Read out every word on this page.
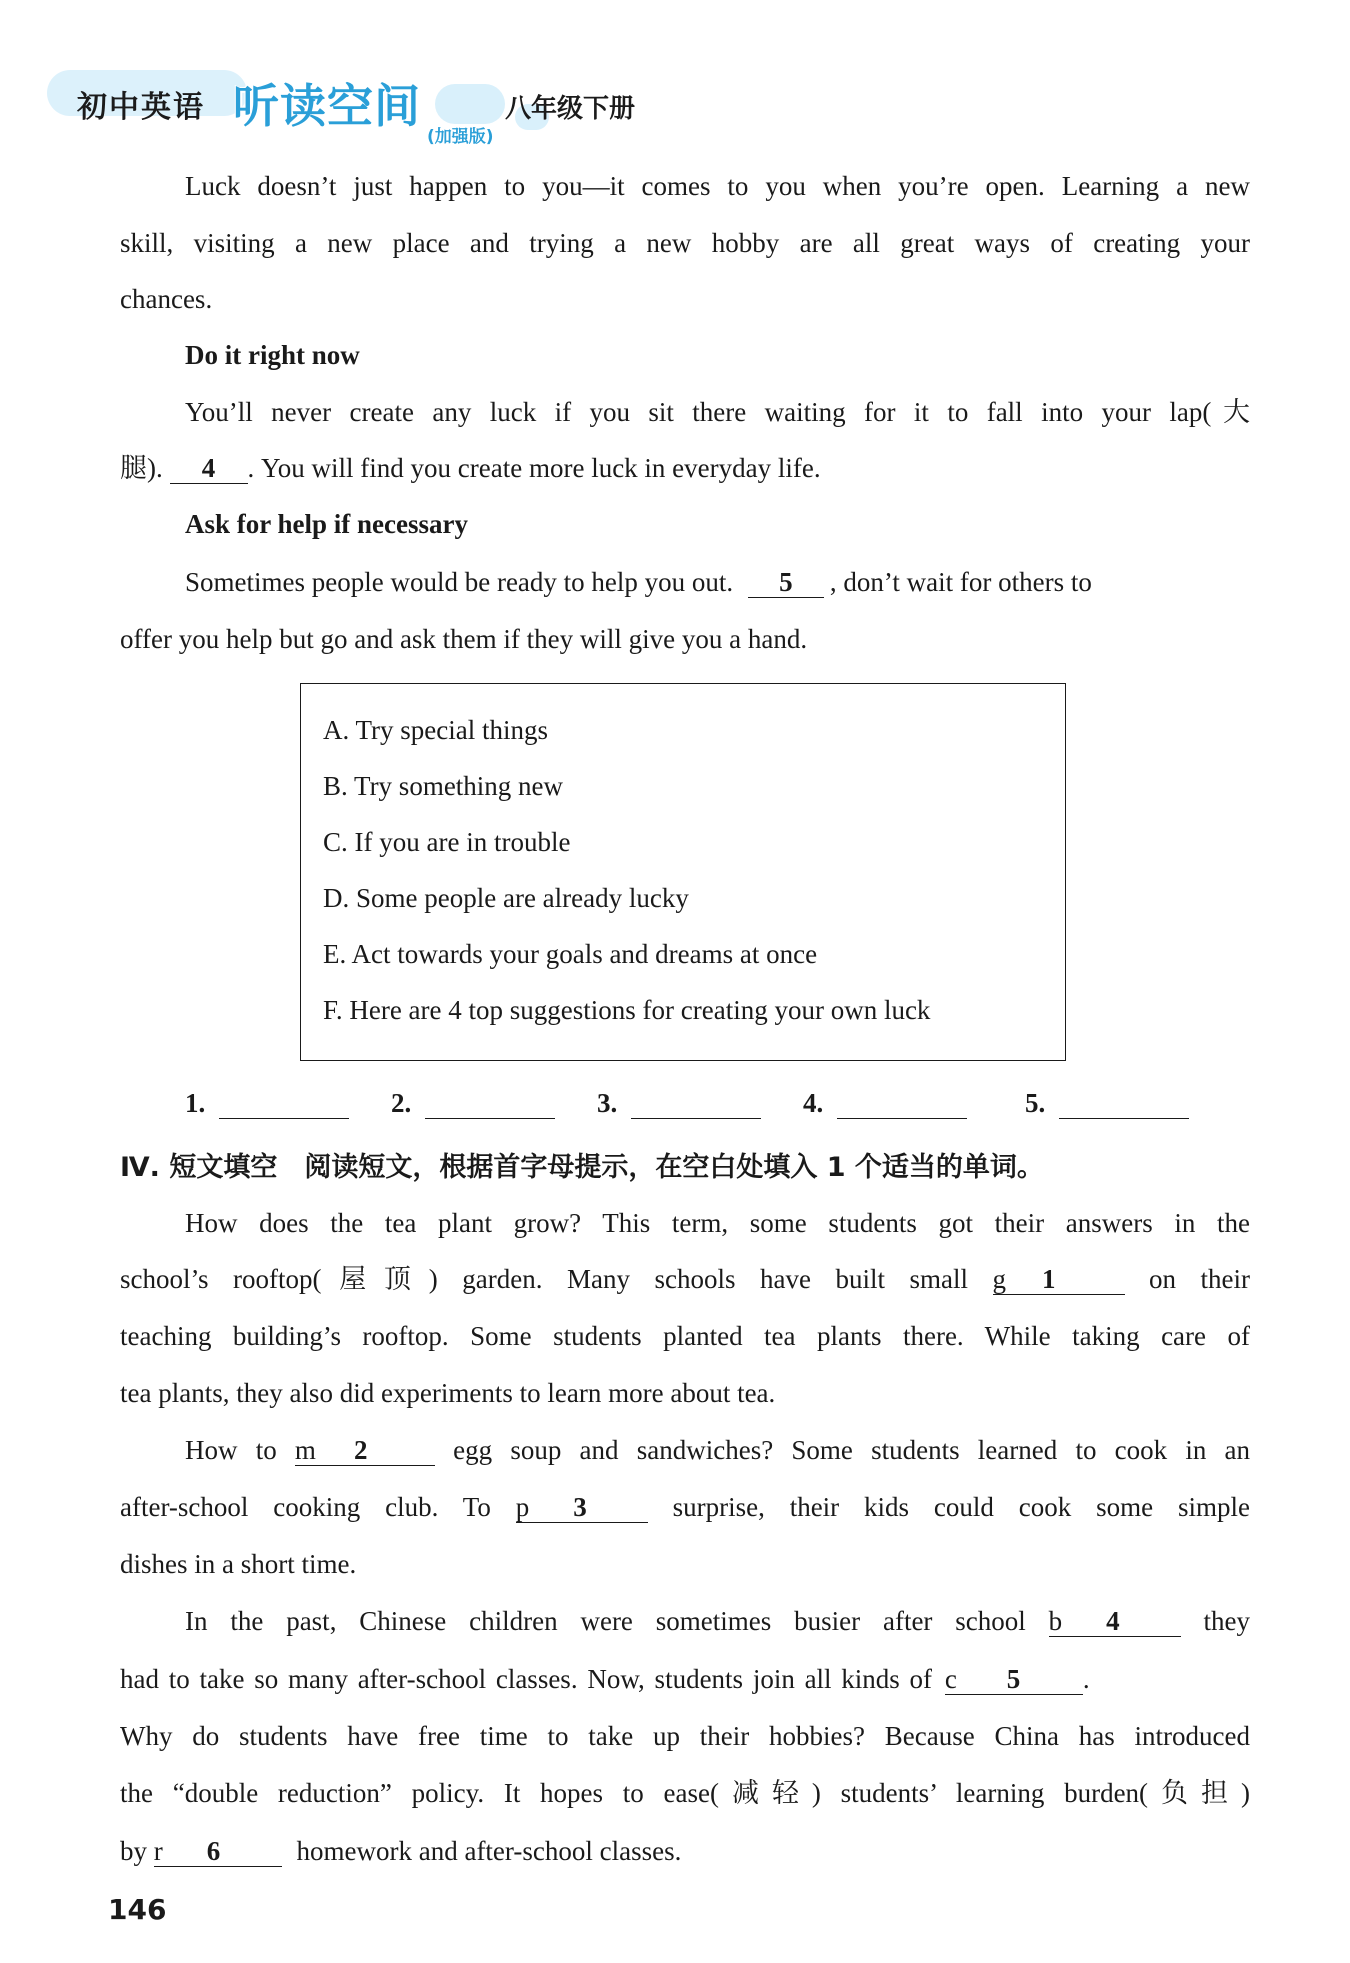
初中英语 听读空间
(加强版)
八年级下册
Luck doesn’t just happen to you—it comes to you when you’re open. Learning a new
skill, visiting a new place and trying a new hobby are all great ways of creating your
chances.
Do it right now
You’ll never create any luck if you sit there waiting for it to fall into your lap(大
腿). 4 . You will find you create more luck in everyday life.
Ask for help if necessary
Sometimes people would be ready to help you out. 5 , don’t wait for others to
offer you help but go and ask them if they will give you a hand.
A. Try special things
B. Try something new
C. If you are in trouble
D. Some people are already lucky
E. Act towards your goals and dreams at once
F. Here are 4 top suggestions for creating your own luck
1.	2.	3.	4.	5.
Ⅳ. 短文填空　阅读短文，根据首字母提示，在空白处填入 1 个适当的单词。
How does the tea plant grow? This term, some students got their answers in the
school’s rooftop(屋顶) garden. Many schools have built small g 1	on their
teaching building’s rooftop. Some students planted tea plants there. While taking care of
tea plants, they also did experiments to learn more about tea.
How to m 2	egg soup and sandwiches? Some students learned to cook in an
after-school cooking club. To p 3	surprise, their kids could cook some simple
dishes in a short time.
In the past, Chinese children were sometimes busier after school b 4	they
had to take so many after-school classes. Now, students join all kinds of c 5 .
Why do students have free time to take up their hobbies? Because China has introduced
the “double reduction” policy. It hopes to ease(减轻) students’ learning burden(负担)
by r 6	homework and after-school classes.
146
